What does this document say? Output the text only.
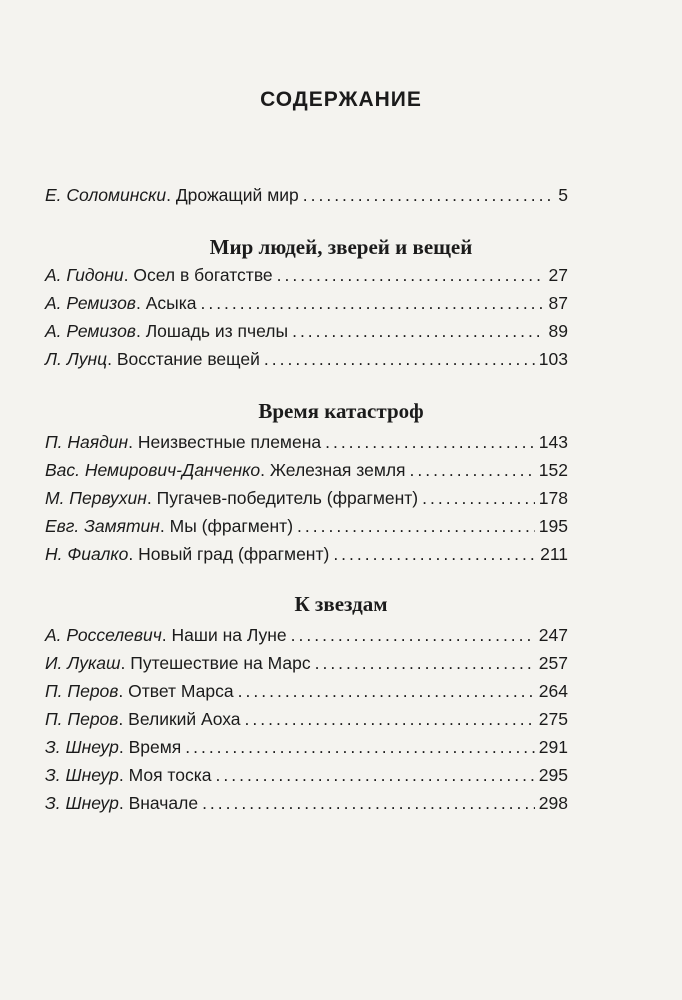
СОДЕРЖАНИЕ
Е. Соломински . Дрожащий мир .....	5
Мир людей, зверей и вещей
А. Гидони . Осел в богатстве .....	27
А. Ремизов . Асыка .....	87
А. Ремизов . Лошадь из пчелы .....	89
Л. Лунц . Восстание вещей .....	103
Время катастроф
П. Наядин . Неизвестные племена .....	143
Вас. Немирович-Данченко . Железная земля .....	152
М. Первухин . Пугачев-победитель (фрагмент) .....	178
Евг. Замятин . Мы (фрагмент) .....	195
Н. Фиалко . Новый град (фрагмент) .....	211
К звездам
А. Росселевич . Наши на Луне .....	247
И. Лукаш . Путешествие на Марс .....	257
П. Перов . Ответ Марса .....	264
П. Перов . Великий Аоха .....	275
З. Шнеур . Время .....	291
З. Шнеур . Моя тоска .....	295
З. Шнеур . Вначале .....	298
